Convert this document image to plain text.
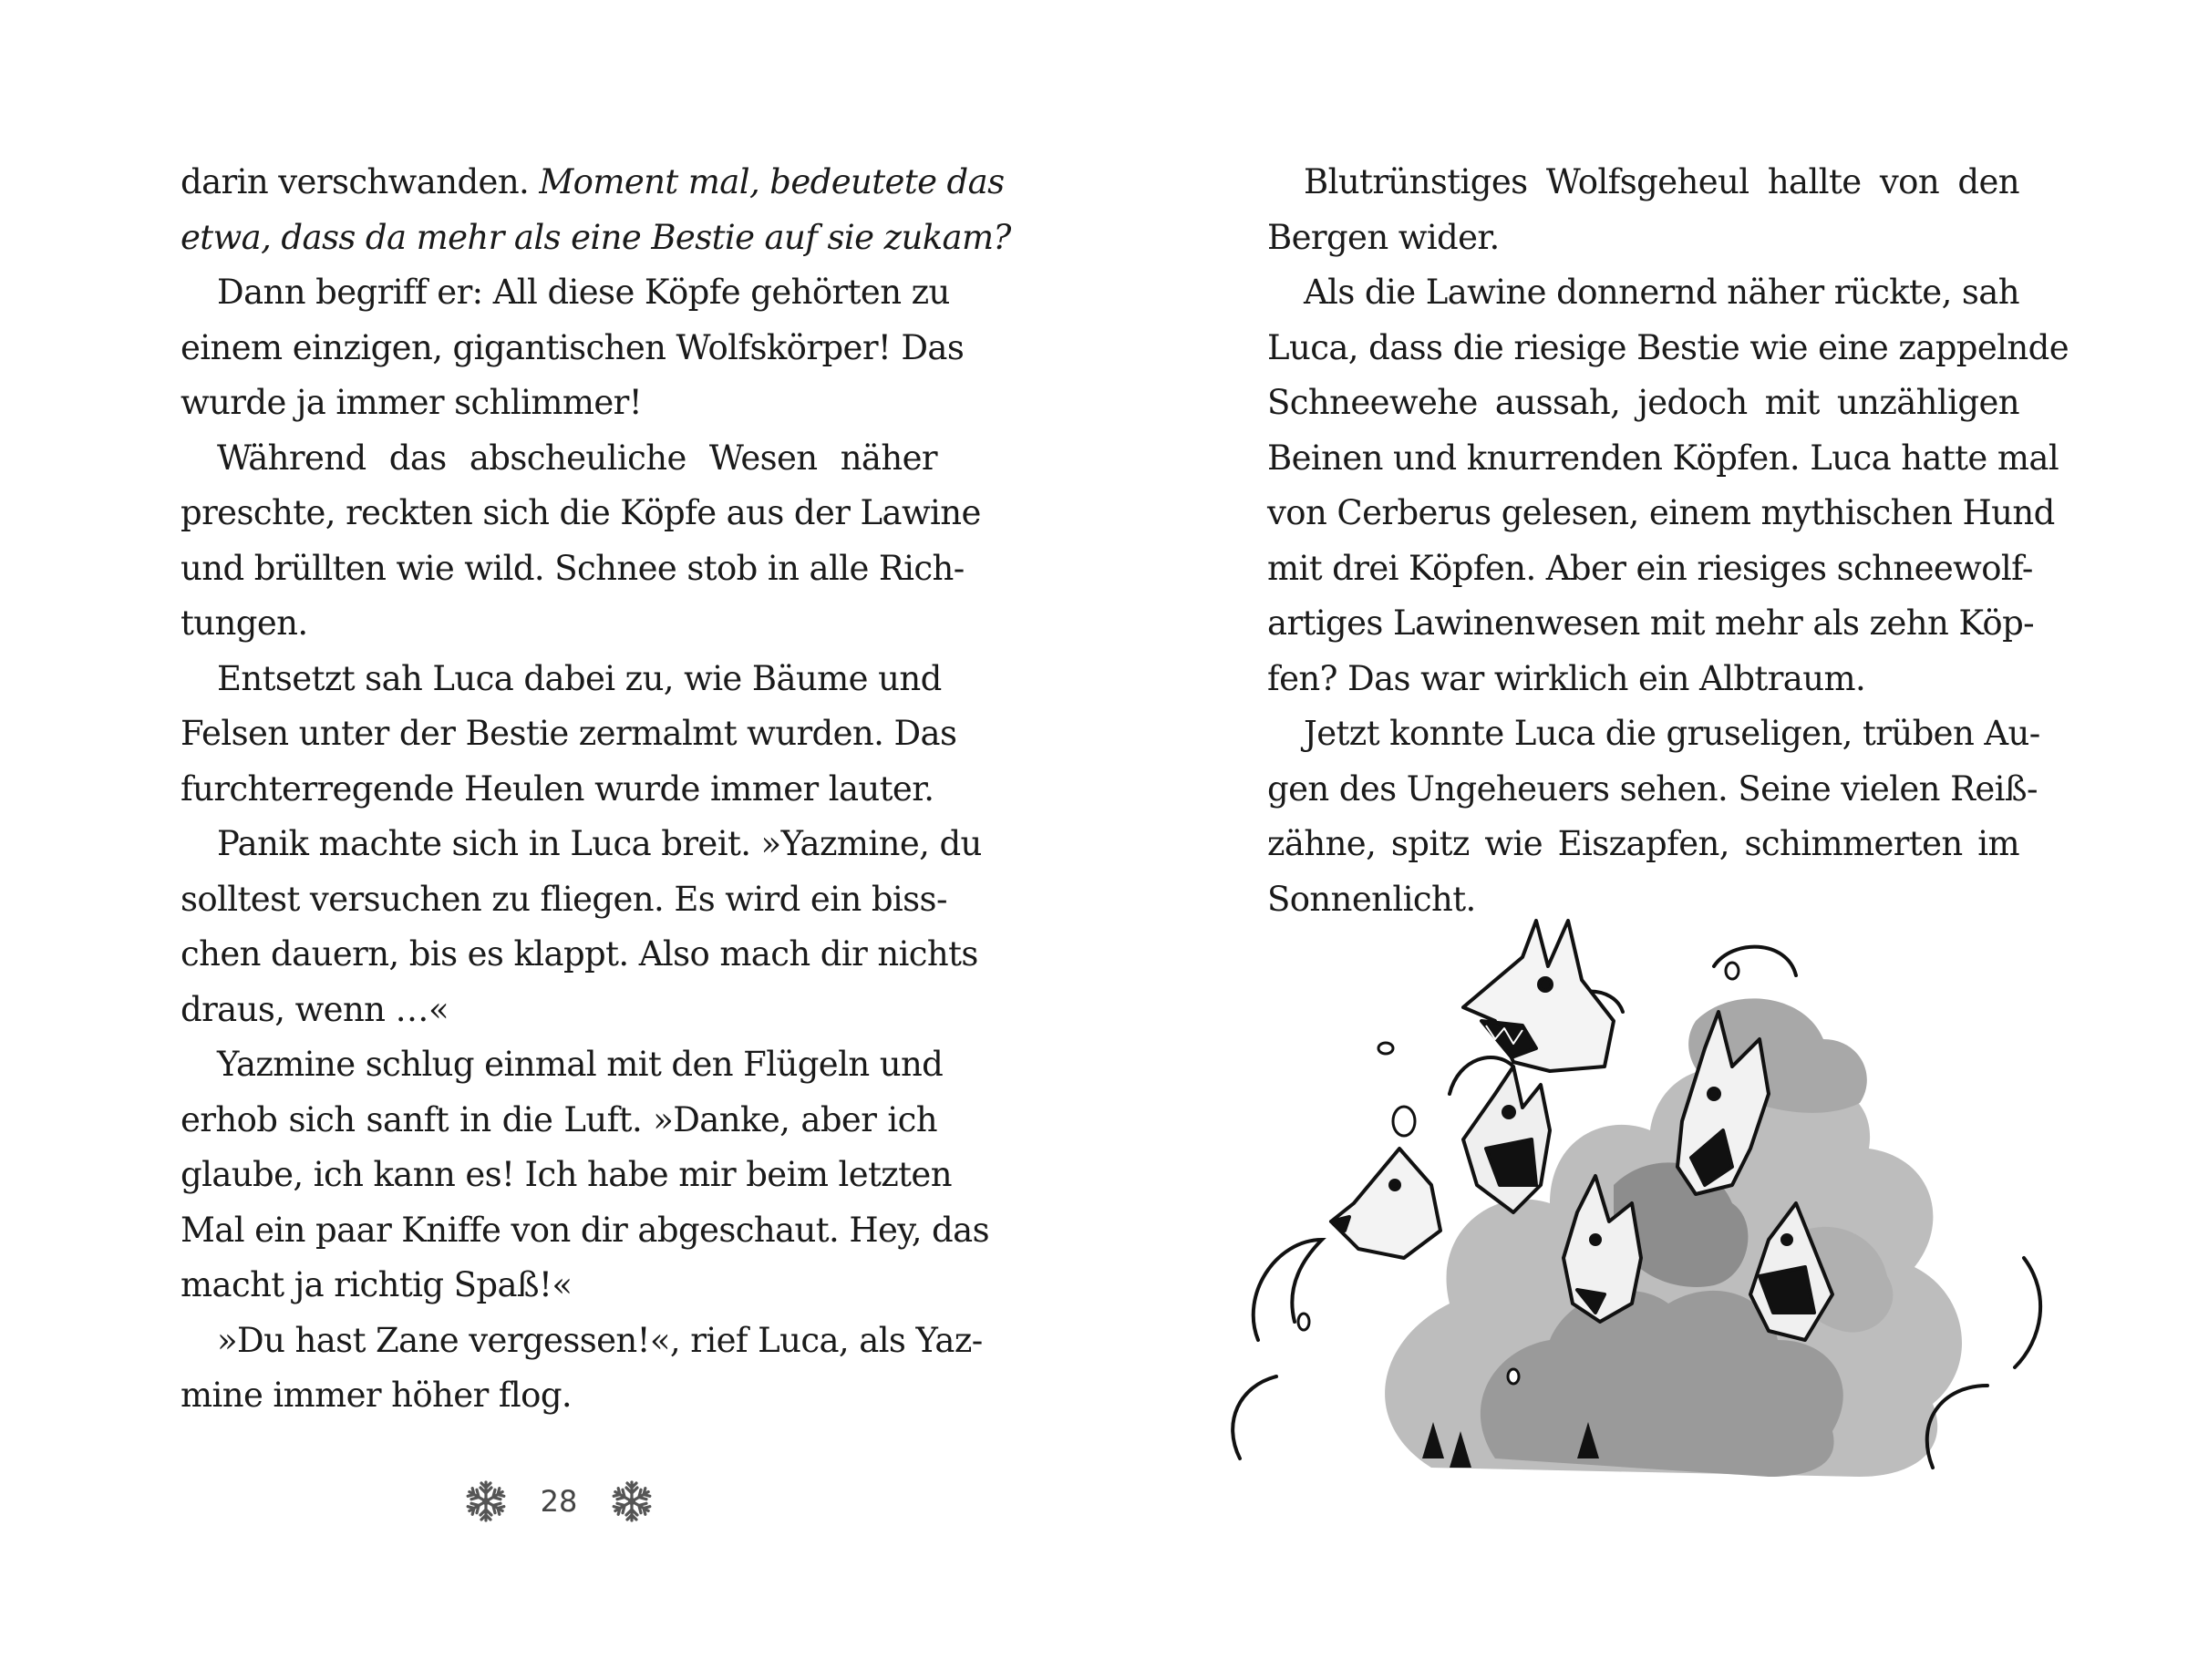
darin verschwanden. Moment mal, bedeutete das
etwa, dass da mehr als eine Bestie auf sie zukam?
Dann begriff er: All diese Köpfe gehörten zu
einem einzigen, gigantischen Wolfskörper! Das
wurde ja immer schlimmer!
Während das abscheuliche Wesen näher
preschte, reckten sich die Köpfe aus der Lawine
und brüllten wie wild. Schnee stob in alle Rich-
tungen.
Entsetzt sah Luca dabei zu, wie Bäume und
Felsen unter der Bestie zermalmt wurden. Das
furchterregende Heulen wurde immer lauter.
Panik machte sich in Luca breit. »Yazmine, du
solltest versuchen zu fliegen. Es wird ein biss-
chen dauern, bis es klappt. Also mach dir nichts
draus, wenn …«
Yazmine schlug einmal mit den Flügeln und
erhob sich sanft in die Luft. »Danke, aber ich
glaube, ich kann es! Ich habe mir beim letzten
Mal ein paar Kniffe von dir abgeschaut. Hey, das
macht ja richtig Spaß!«
»Du hast Zane vergessen!«, rief Luca, als Yaz-
mine immer höher flog.
28
Blutrünstiges Wolfsgeheul hallte von den
Bergen wider.
Als die Lawine donnernd näher rückte, sah
Luca, dass die riesige Bestie wie eine zappelnde
Schneewehe aussah, jedoch mit unzähligen
Beinen und knurrenden Köpfen. Luca hatte mal
von Cerberus gelesen, einem mythischen Hund
mit drei Köpfen. Aber ein riesiges schneewolf-
artiges Lawinenwesen mit mehr als zehn Köp-
fen? Das war wirklich ein Albtraum.
Jetzt konnte Luca die gruseligen, trüben Au-
gen des Ungeheuers sehen. Seine vielen Reiß-
zähne, spitz wie Eiszapfen, schimmerten im
Sonnenlicht.
